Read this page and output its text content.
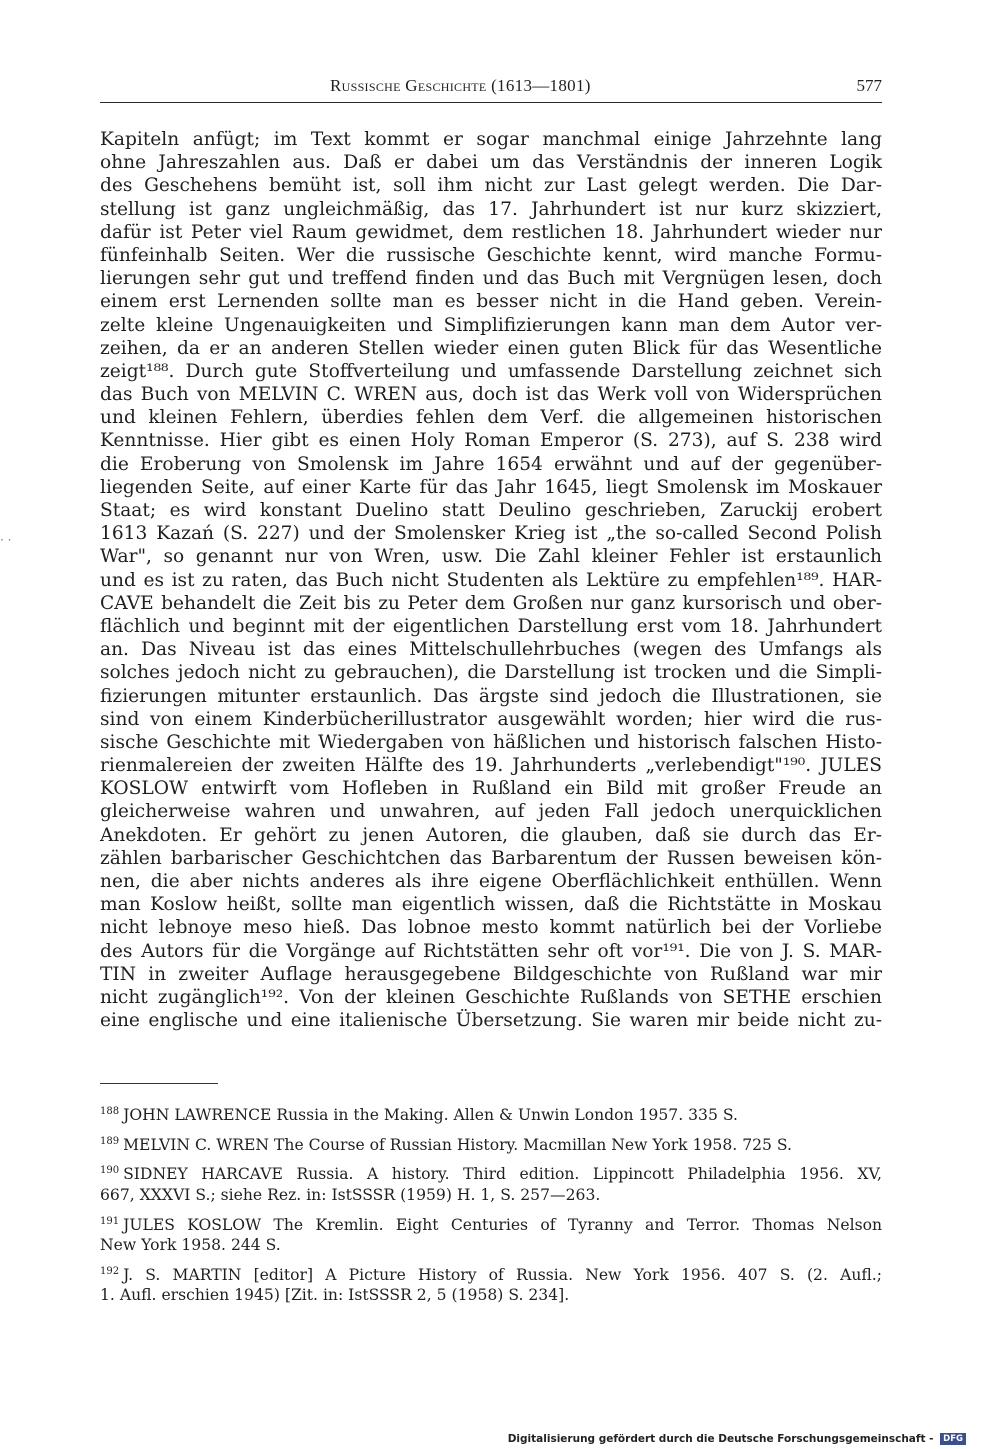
Russische Geschichte (1613—1801)	577
· ·
Kapiteln anfügt; im Text kommt er sogar manchmal einige Jahrzehnte lang
ohne Jahreszahlen aus. Daß er dabei um das Verständnis der inneren Logik
des Geschehens bemüht ist, soll ihm nicht zur Last gelegt werden. Die Dar-
stellung ist ganz ungleichmäßig, das 17. Jahrhundert ist nur kurz skizziert,
dafür ist Peter viel Raum gewidmet, dem restlichen 18. Jahrhundert wieder nur
fünfeinhalb Seiten. Wer die russische Geschichte kennt, wird manche Formu-
lierungen sehr gut und treffend finden und das Buch mit Vergnügen lesen, doch
einem erst Lernenden sollte man es besser nicht in die Hand geben. Verein-
zelte kleine Ungenauigkeiten und Simplifizierungen kann man dem Autor ver-
zeihen, da er an anderen Stellen wieder einen guten Blick für das Wesentliche
zeigt¹⁸⁸. Durch gute Stoffverteilung und umfassende Darstellung zeichnet sich
das Buch von MELVIN C. WREN aus, doch ist das Werk voll von Widersprüchen
und kleinen Fehlern, überdies fehlen dem Verf. die allgemeinen historischen
Kenntnisse. Hier gibt es einen Holy Roman Emperor (S. 273), auf S. 238 wird
die Eroberung von Smolensk im Jahre 1654 erwähnt und auf der gegenüber-
liegenden Seite, auf einer Karte für das Jahr 1645, liegt Smolensk im Moskauer
Staat; es wird konstant Duelino statt Deulino geschrieben, Zaruckij erobert
1613 Kazań (S. 227) und der Smolensker Krieg ist „the so-called Second Polish
War", so genannt nur von Wren, usw. Die Zahl kleiner Fehler ist erstaunlich
und es ist zu raten, das Buch nicht Studenten als Lektüre zu empfehlen¹⁸⁹. HAR-
CAVE behandelt die Zeit bis zu Peter dem Großen nur ganz kursorisch und ober-
flächlich und beginnt mit der eigentlichen Darstellung erst vom 18. Jahrhundert
an. Das Niveau ist das eines Mittelschullehrbuches (wegen des Umfangs als
solches jedoch nicht zu gebrauchen), die Darstellung ist trocken und die Simpli-
fizierungen mitunter erstaunlich. Das ärgste sind jedoch die Illustrationen, sie
sind von einem Kinderbücherillustrator ausgewählt worden; hier wird die rus-
sische Geschichte mit Wiedergaben von häßlichen und historisch falschen Histo-
rienmalereien der zweiten Hälfte des 19. Jahrhunderts „verlebendigt"¹⁹⁰. JULES
KOSLOW entwirft vom Hofleben in Rußland ein Bild mit großer Freude an
gleicherweise wahren und unwahren, auf jeden Fall jedoch unerquicklichen
Anekdoten. Er gehört zu jenen Autoren, die glauben, daß sie durch das Er-
zählen barbarischer Geschichtchen das Barbarentum der Russen beweisen kön-
nen, die aber nichts anderes als ihre eigene Oberflächlichkeit enthüllen. Wenn
man Koslow heißt, sollte man eigentlich wissen, daß die Richtstätte in Moskau
nicht lebnoye meso hieß. Das lobnoe mesto kommt natürlich bei der Vorliebe
des Autors für die Vorgänge auf Richtstätten sehr oft vor¹⁹¹. Die von J. S. MAR-
TIN in zweiter Auflage herausgegebene Bildgeschichte von Rußland war mir
nicht zugänglich¹⁹². Von der kleinen Geschichte Rußlands von SETHE erschien
eine englische und eine italienische Übersetzung. Sie waren mir beide nicht zu-
$^{188}$ JOHN LAWRENCE Russia in the Making. Allen & Unwin London 1957. 335 S.
$^{189}$ MELVIN C. WREN The Course of Russian History. Macmillan New York 1958. 725 S.
$^{190}$ SIDNEY HARCAVE Russia. A history. Third edition. Lippincott Philadelphia 1956. XV,
667, XXXVI S.; siehe Rez. in: IstSSSR (1959) H. 1, S. 257—263.
$^{191}$ JULES KOSLOW The Kremlin. Eight Centuries of Tyranny and Terror. Thomas Nelson
New York 1958. 244 S.
$^{192}$ J. S. MARTIN [editor] A Picture History of Russia. New York 1956. 407 S. (2. Aufl.;
1. Aufl. erschien 1945) [Zit. in: IstSSSR 2, 5 (1958) S. 234].
Digitalisierung gefördert durch die Deutsche Forschungsgemeinschaft - DFG
